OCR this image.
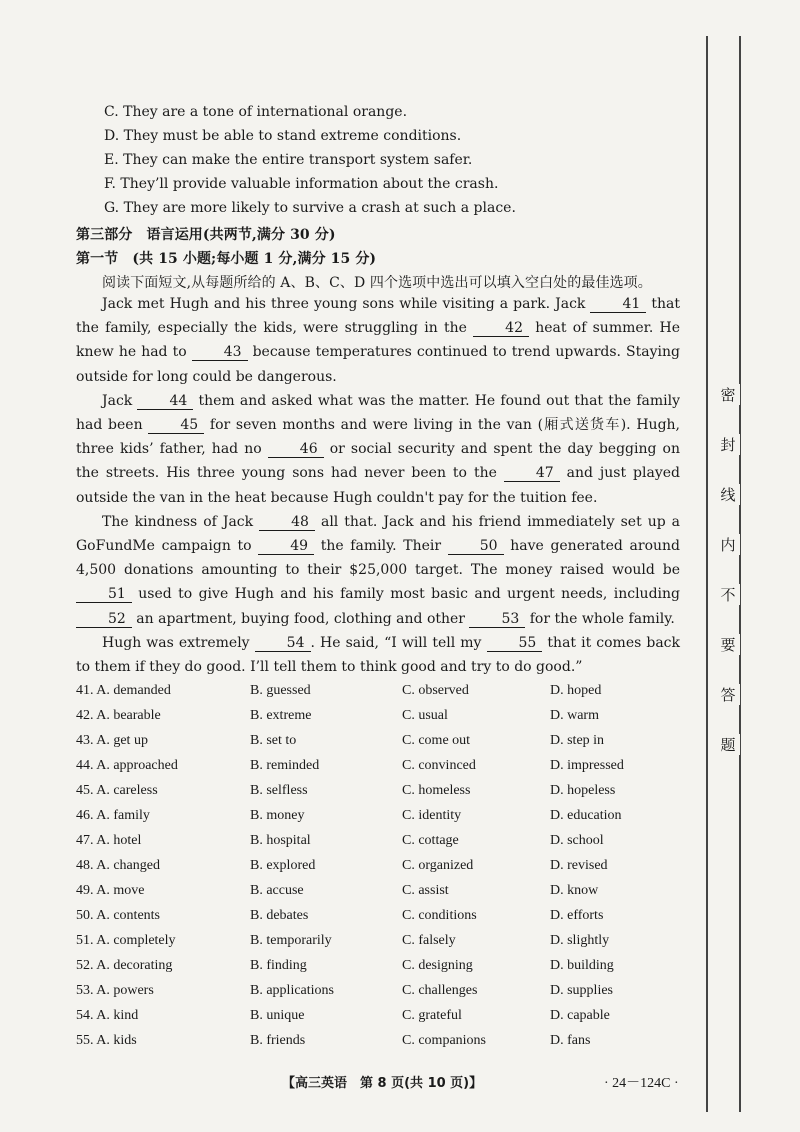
C. They are a tone of international orange.
D. They must be able to stand extreme conditions.
E. They can make the entire transport system safer.
F. They’ll provide valuable information about the crash.
G. They are more likely to survive a crash at such a place.
第三部分　语言运用(共两节,满分 30 分)
第一节　(共 15 小题;每小题 1 分,满分 15 分)
阅读下面短文,从每题所给的 A、B、C、D 四个选项中选出可以填入空白处的最佳选项。

Jack met Hugh and his three young sons while visiting a park. Jack	41 that the family, especially the kids, were struggling in the	42 heat of summer. He knew he had to	43 because temperatures continued to trend upwards. Staying outside for long could be dangerous.

Jack	44 them and asked what was the matter. He found out that the family had been	45 for seven months and were living in the van (厢式送货车). Hugh, three kids’ father, had no	46 or social security and spent the day begging on the streets. His three young sons had never been to the	47 and just played outside the van in the heat because Hugh couldn't pay for the tuition fee.

The kindness of Jack	48 all that. Jack and his friend immediately set up a GoFundMe campaign to	49 the family. Their	50 have generated around 4,500 donations amounting to their $25,000 target. The money raised would be 51 used to give Hugh and his family most basic and urgent needs, including 52 an apartment, buying food, clothing and other	53 for the whole family.

Hugh was extremely	54 . He said, “I will tell my	55 that it comes back to them if they do good. I’ll tell them to think good and try to do good.”

41. A. demanded	B. guessed	C. observed	D. hoped
42. A. bearable	B. extreme	C. usual	D. warm
43. A. get up	B. set to	C. come out	D. step in
44. A. approached	B. reminded	C. convinced	D. impressed
45. A. careless	B. selfless	C. homeless	D. hopeless
46. A. family	B. money	C. identity	D. education
47. A. hotel	B. hospital	C. cottage	D. school
48. A. changed	B. explored	C. organized	D. revised
49. A. move	B. accuse	C. assist	D. know
50. A. contents	B. debates	C. conditions	D. efforts
51. A. completely	B. temporarily	C. falsely	D. slightly
52. A. decorating	B. finding	C. designing	D. building
53. A. powers	B. applications	C. challenges	D. supplies
54. A. kind	B. unique	C. grateful	D. capable
55. A. kids	B. friends	C. companions	D. fans
密
封
线
内
不
要
答
题
【高三英语　第 8 页(共 10 页)】	· 24－124C ·
